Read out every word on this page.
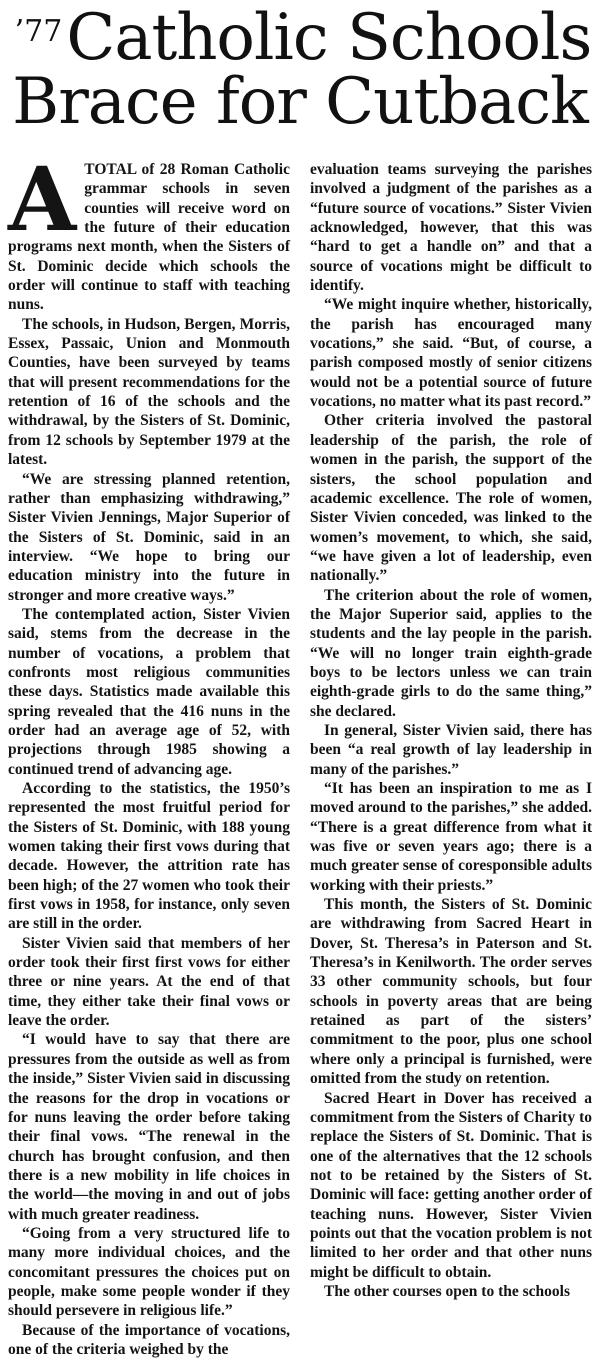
$^{’77}$Catholic Schools
Brace for Cutback

ATOTAL of 28 Roman Catholic grammar schools in seven counties will receive word on the future of their education programs next month, when the Sisters of St. Dominic decide which schools the order will continue to staff with teaching nuns.

The schools, in Hudson, Bergen, Morris, Essex, Passaic, Union and Monmouth Counties, have been surveyed by teams that will present recommendations for the retention of 16 of the schools and the withdrawal, by the Sisters of St. Dominic, from 12 schools by September 1979 at the latest.

“We are stressing planned retention, rather than emphasizing withdrawing,” Sister Vivien Jennings, Major Superior of the Sisters of St. Dominic, said in an interview. “We hope to bring our education ministry into the future in stronger and more creative ways.”

The contemplated action, Sister Vivien said, stems from the decrease in the number of vocations, a problem that confronts most religious communities these days. Statistics made available this spring revealed that the 416 nuns in the order had an average age of 52, with projections through 1985 showing a continued trend of advancing age.

According to the statistics, the 1950’s represented the most fruitful period for the Sisters of St. Dominic, with 188 young women taking their first vows during that decade. However, the attrition rate has been high; of the 27 women who took their first vows in 1958, for instance, only seven are still in the order.

Sister Vivien said that members of her order took their first first vows for either three or nine years. At the end of that time, they either take their final vows or leave the order.

“I would have to say that there are pressures from the outside as well as from the inside,” Sister Vivien said in discussing the reasons for the drop in vocations or for nuns leaving the order before taking their final vows. “The renewal in the church has brought confusion, and then there is a new mobility in life choices in the world—the moving in and out of jobs with much greater readiness.

“Going from a very structured life to many more individual choices, and the concomitant pressures the choices put on people, make some people wonder if they should persevere in religious life.”

Because of the importance of vocations, one of the criteria weighed by the

evaluation teams surveying the parishes involved a judgment of the parishes as a “future source of vocations.” Sister Vivien acknowledged, however, that this was “hard to get a handle on” and that a source of vocations might be difficult to identify.

“We might inquire whether, historically, the parish has encouraged many vocations,” she said. “But, of course, a parish composed mostly of senior citizens would not be a potential source of future vocations, no matter what its past record.”

Other criteria involved the pastoral leadership of the parish, the role of women in the parish, the support of the sisters, the school population and academic excellence. The role of women, Sister Vivien conceded, was linked to the women’s movement, to which, she said, “we have given a lot of leadership, even nationally.”

The criterion about the role of women, the Major Superior said, applies to the students and the lay people in the parish. “We will no longer train eighth-grade boys to be lectors unless we can train eighth-grade girls to do the same thing,” she declared.

In general, Sister Vivien said, there has been “a real growth of lay leadership in many of the parishes.”

“It has been an inspiration to me as I moved around to the parishes,” she added. “There is a great difference from what it was five or seven years ago; there is a much greater sense of coresponsible adults working with their priests.”

This month, the Sisters of St. Dominic are withdrawing from Sacred Heart in Dover, St. Theresa’s in Paterson and St. Theresa’s in Kenilworth. The order serves 33 other community schools, but four schools in poverty areas that are being retained as part of the sisters’ commitment to the poor, plus one school where only a principal is furnished, were omitted from the study on retention.

Sacred Heart in Dover has received a commitment from the Sisters of Charity to replace the Sisters of St. Dominic. That is one of the alternatives that the 12 schools not to be retained by the Sisters of St. Dominic will face: getting another order of teaching nuns. However, Sister Vivien points out that the vocation problem is not limited to her order and that other nuns might be difficult to obtain.

The other courses open to the schools
